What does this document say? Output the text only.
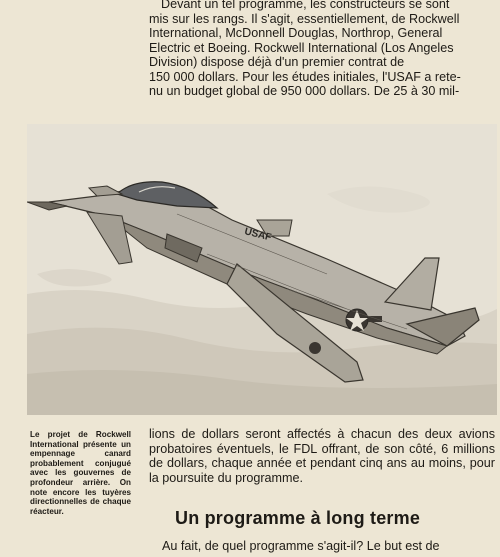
Devant un tel programme, les constructeurs se sont
mis sur les rangs. Il s'agit, essentiellement, de Rockwell
International, McDonnell Douglas, Northrop, General
Electric et Boeing. Rockwell International (Los Angeles
Division) dispose déjà d'un premier contrat de
150 000 dollars. Pour les études initiales, l'USAF a rete-
nu un budget global de 950 000 dollars. De 25 à 30 mil-
USAF
Le projet de Rockwell International présente un empennage canard probablement conjugué avec les gouvernes de profondeur arrière. On note encore les tuyères directionnelles de chaque réacteur.
lions de dollars seront affectés à chacun des deux avions probatoires éventuels, le FDL offrant, de son côté, 6 millions de dollars, chaque année et pendant cinq ans au moins, pour la poursuite du programme.
Un programme à long terme
Au fait, de quel programme s'agit-il? Le but est de
